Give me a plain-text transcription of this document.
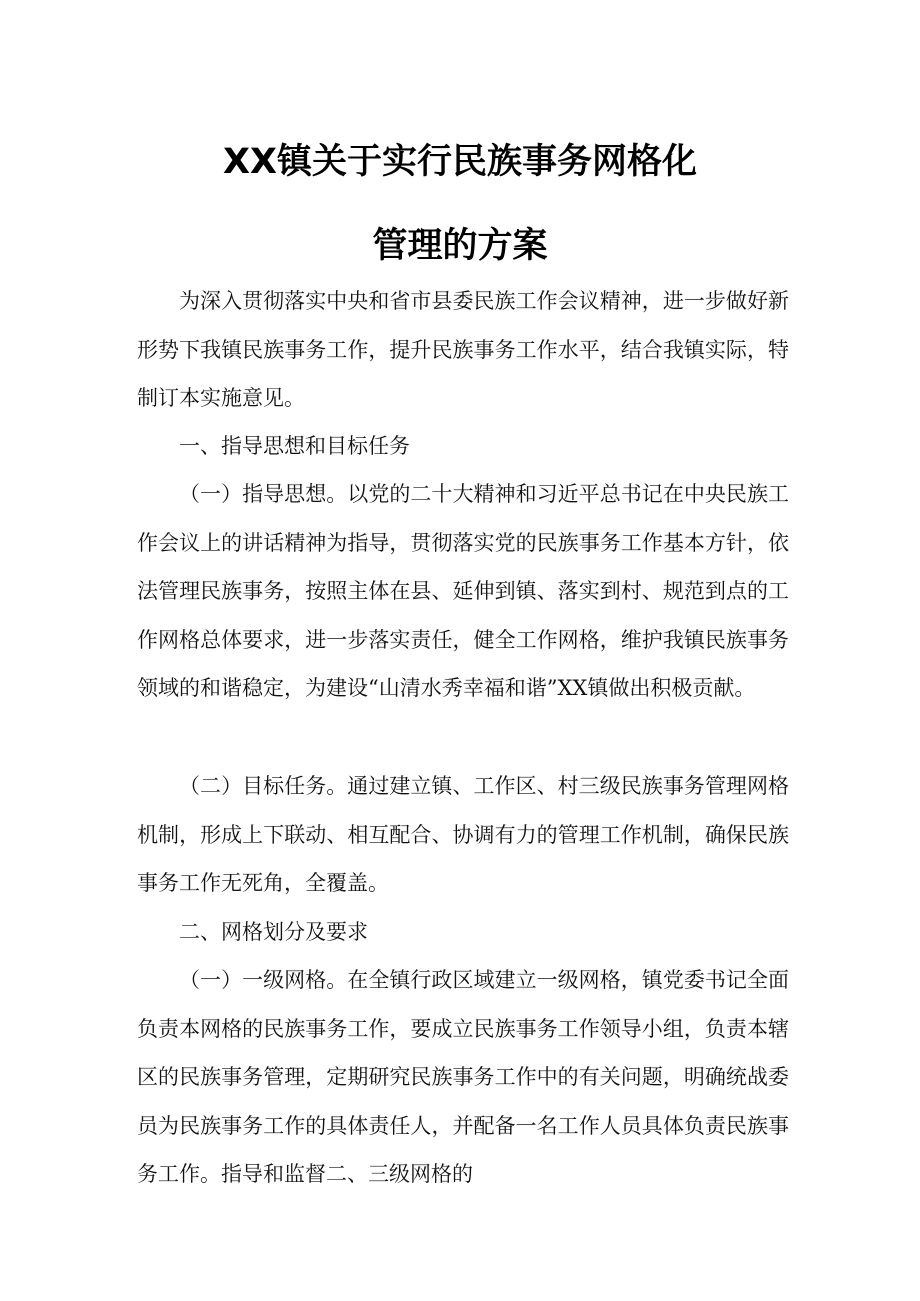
XX镇关于实行民族事务网格化
管理的方案

为深入贯彻落实中央和省市县委民族工作会议精神，进一步做好新形势下我镇民族事务工作，提升民族事务工作水平，结合我镇实际，特制订本实施意见。

一、指导思想和目标任务

（一）指导思想。以党的二十大精神和习近平总书记在中央民族工作会议上的讲话精神为指导，贯彻落实党的民族事务工作基本方针，依法管理民族事务，按照主体在县、延伸到镇、落实到村、规范到点的工作网格总体要求，进一步落实责任，健全工作网格，维护我镇民族事务领域的和谐稳定，为建设“山清水秀幸福和谐”XX镇做出积极贡献。

（二）目标任务。通过建立镇、工作区、村三级民族事务管理网格机制，形成上下联动、相互配合、协调有力的管理工作机制，确保民族事务工作无死角，全覆盖。

二、网格划分及要求

（一）一级网格。在全镇行政区域建立一级网格，镇党委书记全面负责本网格的民族事务工作，要成立民族事务工作领导小组，负责本辖区的民族事务管理，定期研究民族事务工作中的有关问题，明确统战委员为民族事务工作的具体责任人，并配备一名工作人员具体负责民族事务工作。指导和监督二、三级网格的
